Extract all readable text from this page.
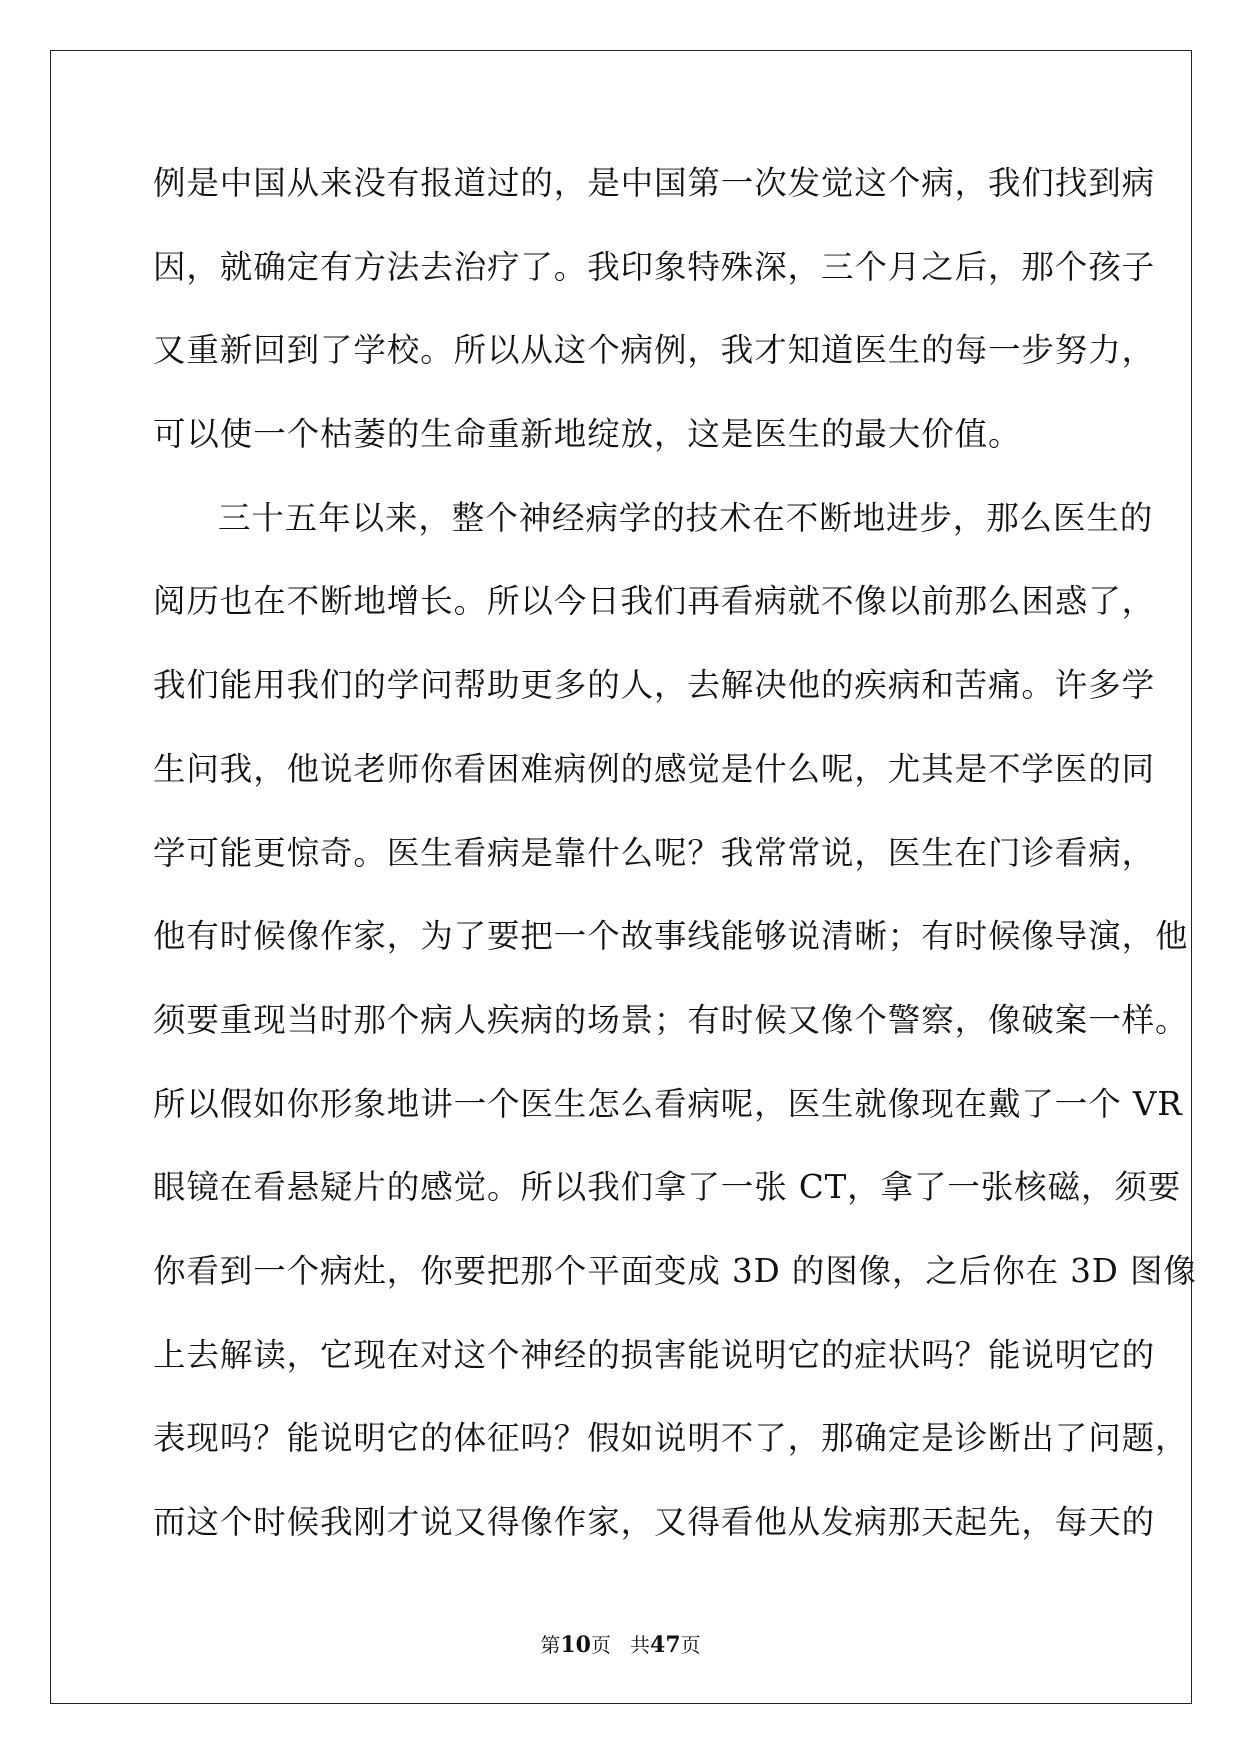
例是中国从来没有报道过的，是中国第一次发觉这个病，我们找到病
因，就确定有方法去治疗了。我印象特殊深，三个月之后，那个孩子
又重新回到了学校。所以从这个病例，我才知道医生的每一步努力，
可以使一个枯萎的生命重新地绽放，这是医生的最大价值。
三十五年以来，整个神经病学的技术在不断地进步，那么医生的
阅历也在不断地增长。所以今日我们再看病就不像以前那么困惑了，
我们能用我们的学问帮助更多的人，去解决他的疾病和苦痛。许多学
生问我，他说老师你看困难病例的感觉是什么呢，尤其是不学医的同
学可能更惊奇。医生看病是靠什么呢？我常常说，医生在门诊看病，
他有时候像作家，为了要把一个故事线能够说清晰；有时候像导演，他
须要重现当时那个病人疾病的场景；有时候又像个警察，像破案一样。
所以假如你形象地讲一个医生怎么看病呢，医生就像现在戴了一个 VR
眼镜在看悬疑片的感觉。所以我们拿了一张 CT，拿了一张核磁，须要
你看到一个病灶，你要把那个平面变成 3D 的图像，之后你在 3D 图像
上去解读，它现在对这个神经的损害能说明它的症状吗？能说明它的
表现吗？能说明它的体征吗？假如说明不了，那确定是诊断出了问题，
而这个时候我刚才说又得像作家，又得看他从发病那天起先，每天的
第10页 共47页
